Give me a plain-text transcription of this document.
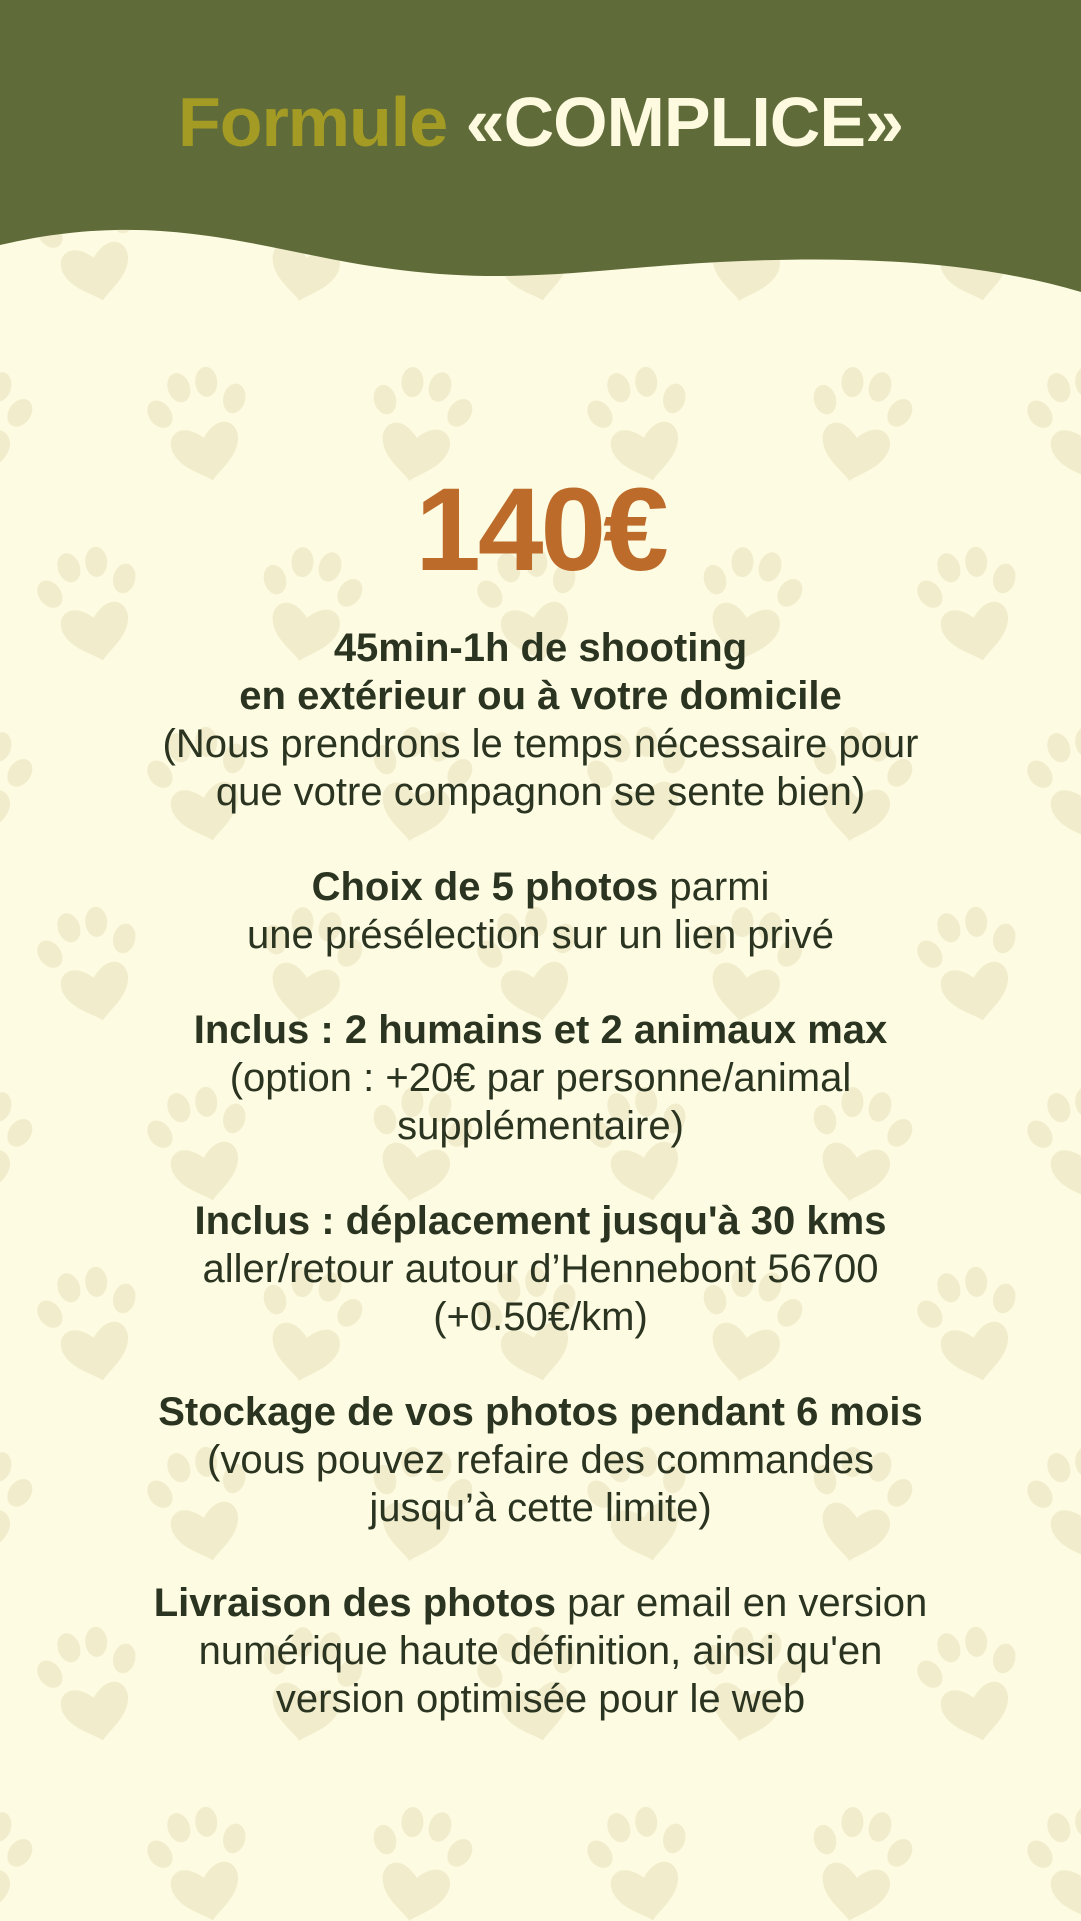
Formule «COMPLICE»
140€

45min-1h de shooting
en extérieur ou à votre domicile
(Nous prendrons le temps nécessaire pour
que votre compagnon se sente bien)

Choix de 5 photos parmi
une présélection sur un lien privé

Inclus : 2 humains et 2 animaux max
(option : +20€ par personne/animal
supplémentaire)

Inclus : déplacement jusqu'à 30 kms
aller/retour autour d’Hennebont 56700
(+0.50€/km)

Stockage de vos photos pendant 6 mois
(vous pouvez refaire des commandes
jusqu’à cette limite)

Livraison des photos par email en version
numérique haute définition, ainsi qu'en
version optimisée pour le web
